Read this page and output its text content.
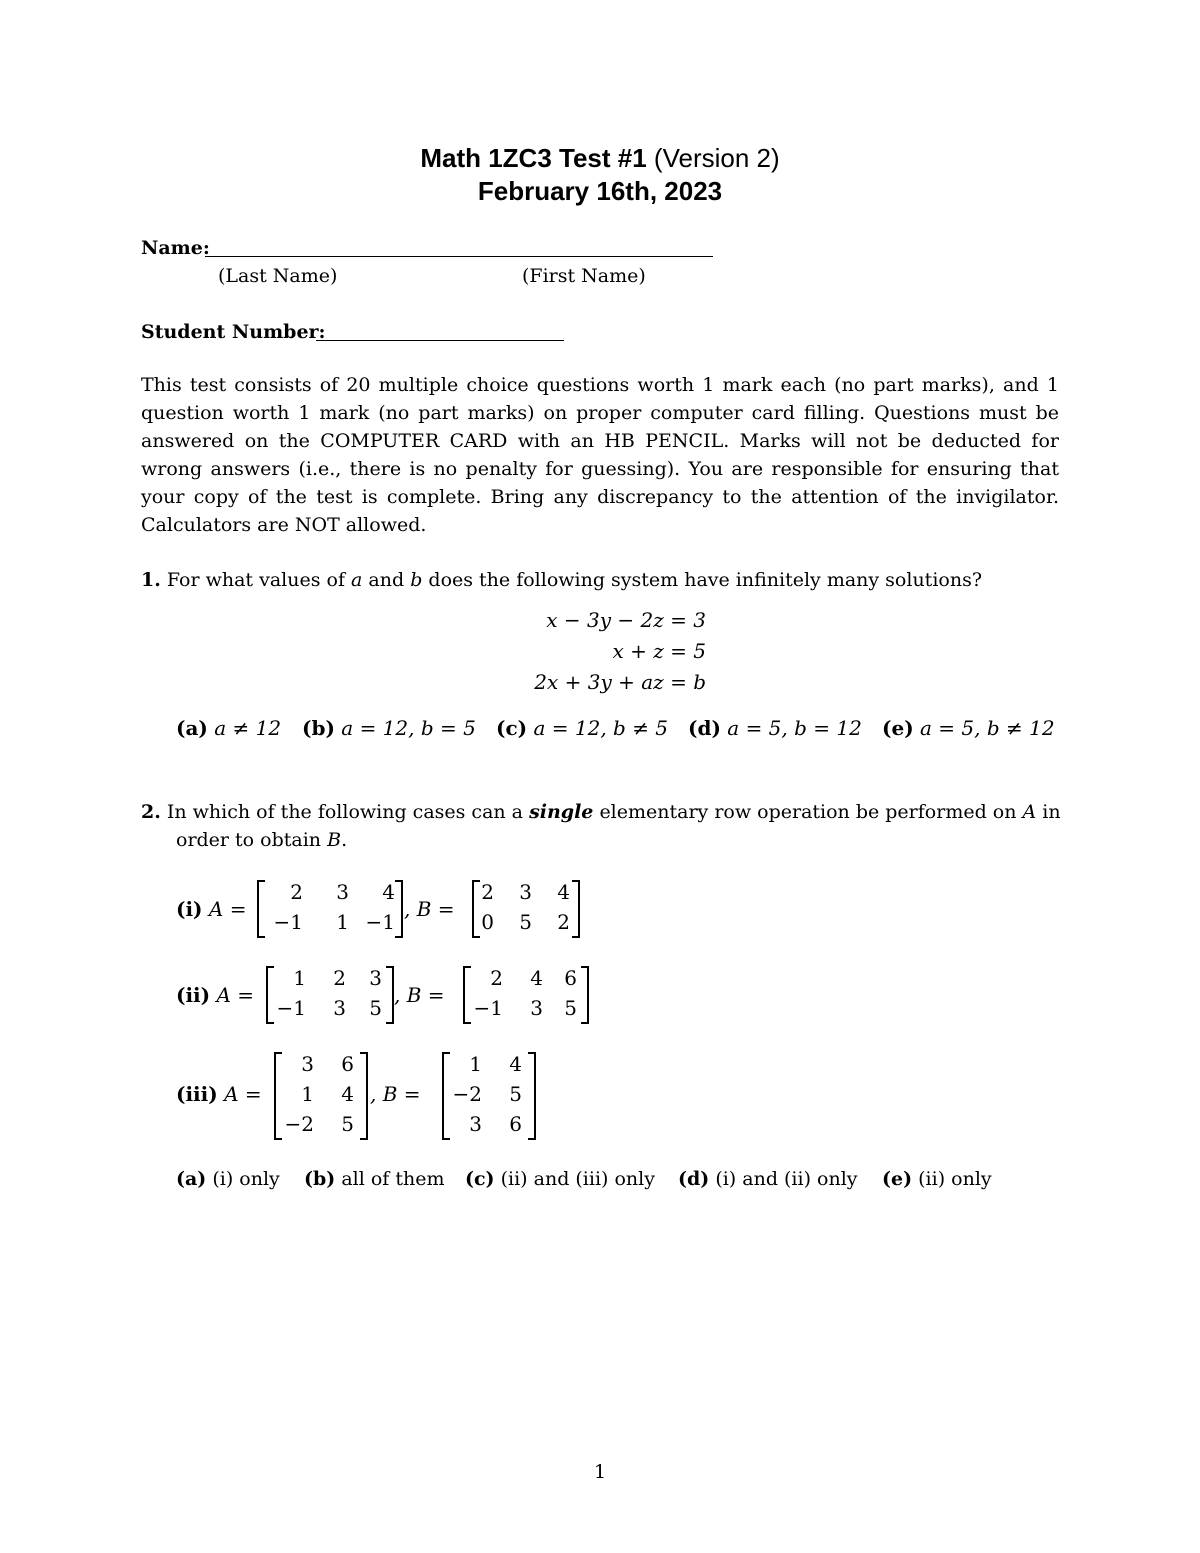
Math 1ZC3 Test #1 (Version 2)
February 16th, 2023
Name:
(Last Name)	(First Name)
Student Number:
This test consists of 20 multiple choice questions worth 1 mark each (no part marks), and 1 question worth 1 mark (no part marks) on proper computer card filling. Questions must be answered on the COMPUTER CARD with an HB PENCIL. Marks will not be deducted for wrong answers (i.e., there is no penalty for guessing). You are responsible for ensuring that your copy of the test is complete. Bring any discrepancy to the attention of the invigilator. Calculators are NOT allowed.
1. For what values of a and b does the following system have infinitely many solutions?
x − 3y − 2z = 3
x + z = 5
2x + 3y + az = b
(a) a ≠ 12 (b) a = 12, b = 5 (c) a = 12, b ≠ 5 (d) a = 5, b = 12 (e) a = 5, b ≠ 12
2. In which of the following cases can a single elementary row operation be performed on A in
order to obtain B.
(i) A =
2	3	4
−1	1 −1
, B =
2	3	4
0	5	2
(ii) A =
1	2	3
−1	3	5
, B =
2	4	6
−1	3	5
(iii) A =
3	6
1	4
−2	5
, B =
1	4
−2	5
3	6
(a) (i) only (b) all of them (c) (ii) and (iii) only (d) (i) and (ii) only (e) (ii) only
1
